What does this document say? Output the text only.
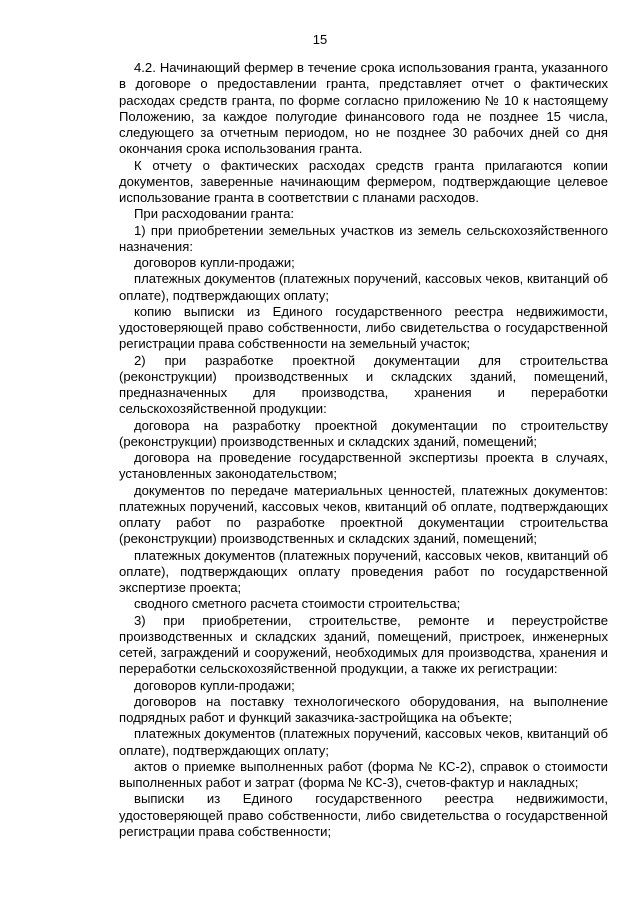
15

4.2. Начинающий фермер в течение срока использования гранта, указанного в договоре о предоставлении гранта, представляет отчет о фактических расходах средств гранта, по форме согласно приложению № 10 к настоящему Положению, за каждое полугодие финансового года не позднее 15 числа, следующего за отчетным периодом, но не позднее 30 рабочих дней со дня окончания срока использования гранта.

К отчету о фактических расходах средств гранта прилагаются копии документов, заверенные начинающим фермером, подтверждающие целевое использование гранта в соответствии с планами расходов.

При расходовании гранта:

1) при приобретении земельных участков из земель сельскохозяйственного назначения:

договоров купли-продажи;

платежных документов (платежных поручений, кассовых чеков, квитанций об оплате), подтверждающих оплату;

копию выписки из Единого государственного реестра недвижимости, удостоверяющей право собственности, либо свидетельства о государственной регистрации права собственности на земельный участок;

2) при разработке проектной документации для строительства (реконструкции) производственных и складских зданий, помещений, предназначенных для производства, хранения и переработки сельскохозяйственной продукции:

договора на разработку проектной документации по строительству (реконструкции) производственных и складских зданий, помещений;

договора на проведение государственной экспертизы проекта в случаях, установленных законодательством;

документов по передаче материальных ценностей, платежных документов: платежных поручений, кассовых чеков, квитанций об оплате, подтверждающих оплату работ по разработке проектной документации строительства (реконструкции) производственных и складских зданий, помещений;

платежных документов (платежных поручений, кассовых чеков, квитанций об оплате), подтверждающих оплату проведения работ по государственной экспертизе проекта;

сводного сметного расчета стоимости строительства;

3) при приобретении, строительстве, ремонте и переустройстве производственных и складских зданий, помещений, пристроек, инженерных сетей, заграждений и сооружений, необходимых для производства, хранения и переработки сельскохозяйственной продукции, а также их регистрации:

договоров купли-продажи;

договоров на поставку технологического оборудования, на выполнение подрядных работ и функций заказчика-застройщика на объекте;

платежных документов (платежных поручений, кассовых чеков, квитанций об оплате), подтверждающих оплату;

актов о приемке выполненных работ (форма № КС-2), справок о стоимости выполненных работ и затрат (форма № КС-3), счетов-фактур и накладных;

выписки из Единого государственного реестра недвижимости, удостоверяющей право собственности, либо свидетельства о государственной регистрации права собственности;
